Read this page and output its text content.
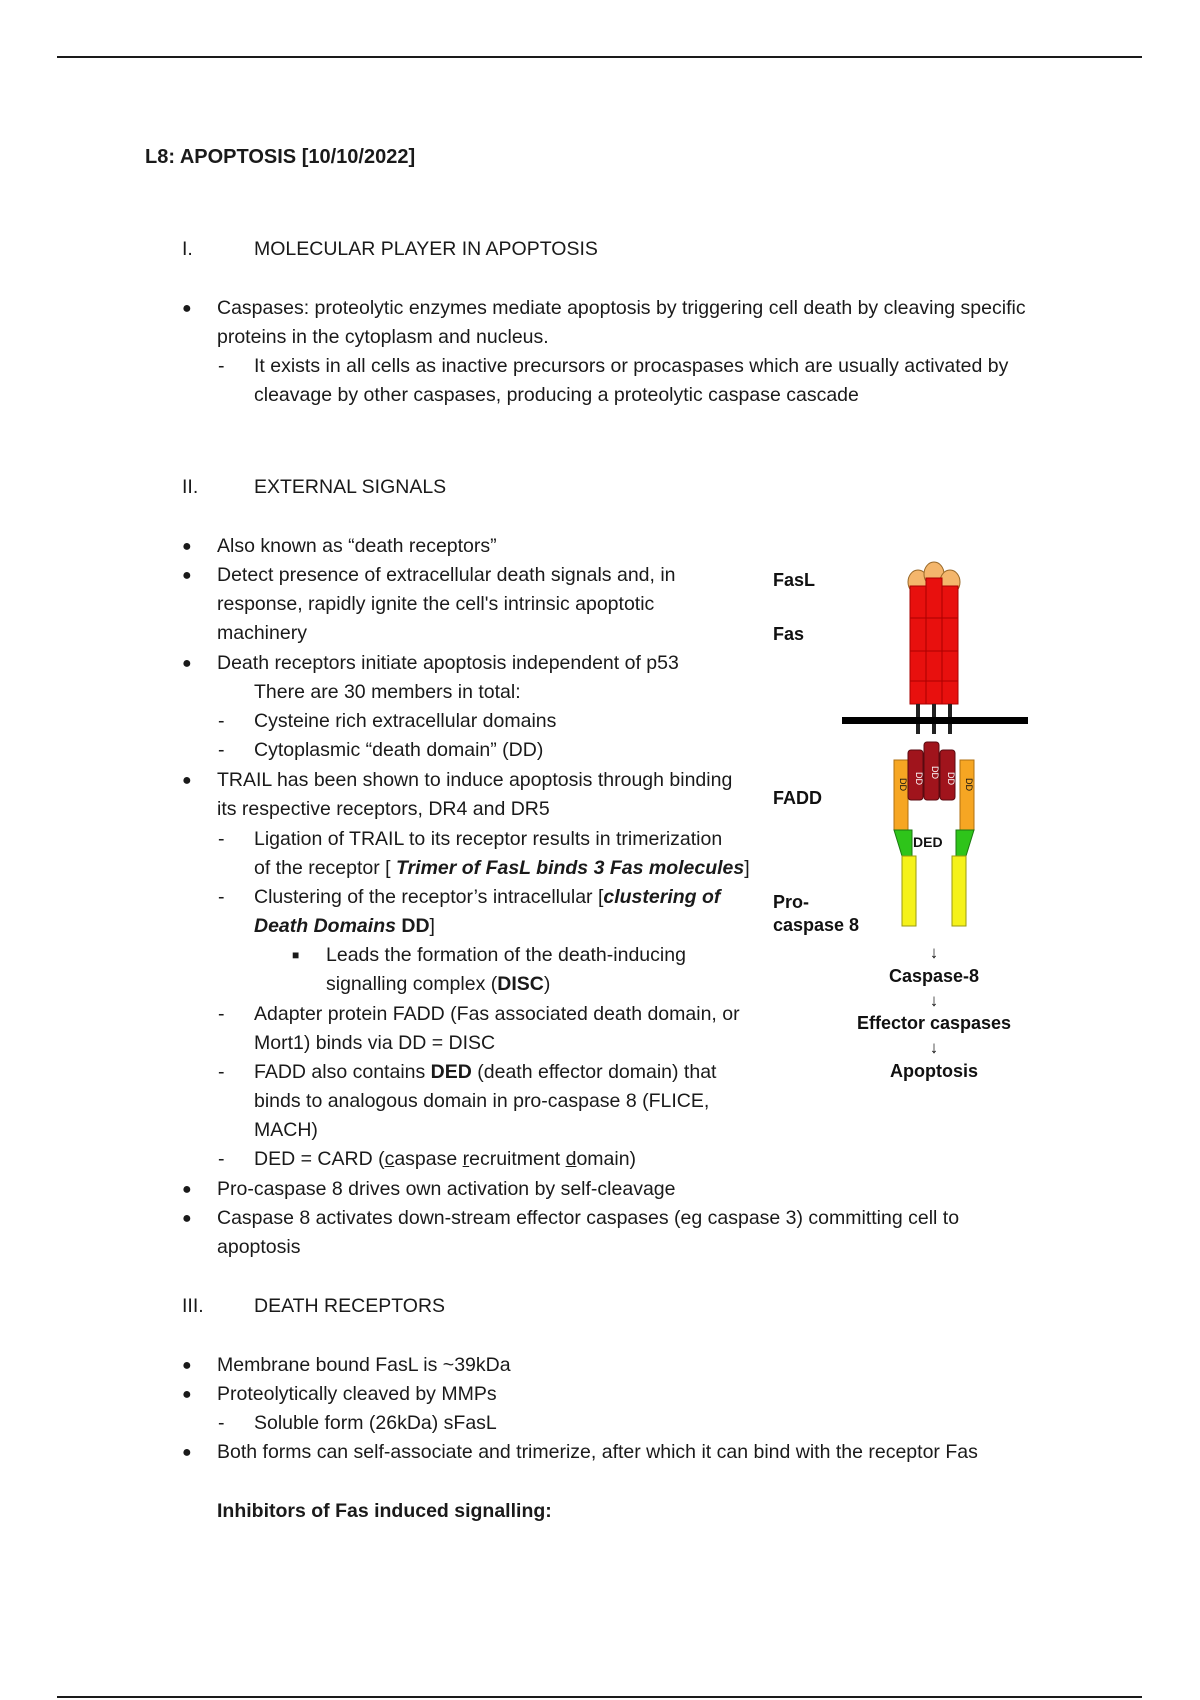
L8: APOPTOSIS [10/10/2022]
I.	MOLECULAR PLAYER IN APOPTOSIS
● Caspases: proteolytic enzymes mediate apoptosis by triggering cell death by cleaving specific
proteins in the cytoplasm and nucleus.
- It exists in all cells as inactive precursors or procaspases which are usually activated by
cleavage by other caspases, producing a proteolytic caspase cascade
II.	EXTERNAL SIGNALS
● Also known as “death receptors”
● Detect presence of extracellular death signals and, in
response, rapidly ignite the cell's intrinsic apoptotic
machinery
● Death receptors initiate apoptosis independent of p53
There are 30 members in total:
- Cysteine rich extracellular domains
- Cytoplasmic “death domain” (DD)
● TRAIL has been shown to induce apoptosis through binding
its respective receptors, DR4 and DR5
- Ligation of TRAIL to its receptor results in trimerization
of the receptor [ Trimer of FasL binds 3 Fas molecules]
- Clustering of the receptor’s intracellular [clustering of
Death Domains DD]
■ Leads the formation of the death-inducing
signalling complex (DISC)
- Adapter protein FADD (Fas associated death domain, or
Mort1) binds via DD = DISC
- FADD also contains DED (death effector domain) that
binds to analogous domain in pro-caspase 8 (FLICE,
MACH)
- DED = CARD (caspase recruitment domain)
● Pro-caspase 8 drives own activation by self-cleavage
● Caspase 8 activates down-stream effector caspases (eg caspase 3) committing cell to
apoptosis
III.	DEATH RECEPTORS
● Membrane bound FasL is ~39kDa
● Proteolytically cleaved by MMPs
- Soluble form (26kDa) sFasL
● Both forms can self-associate and trimerize, after which it can bind with the receptor Fas
Inhibitors of Fas induced signalling:
DD DD DD DD DD
DED
FasL
Fas
FADD
Pro-
caspase 8
↓
Caspase-8
↓
Effector caspases
↓
Apoptosis
